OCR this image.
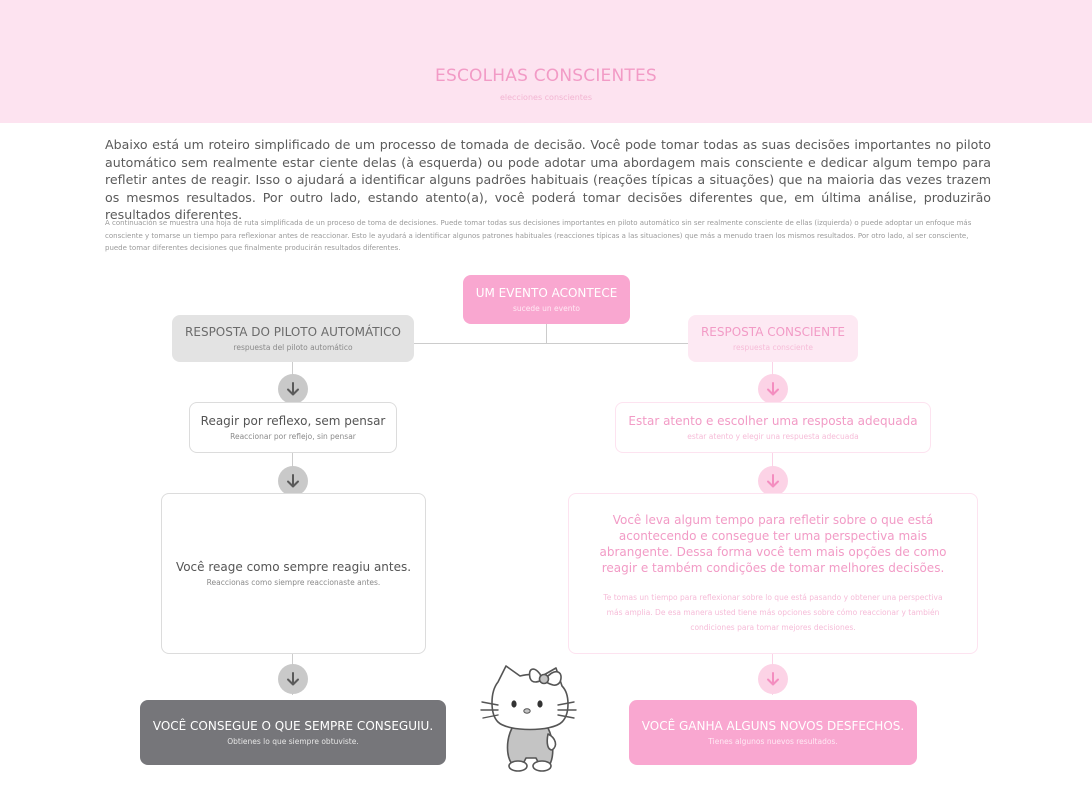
ESCOLHAS CONSCIENTES
elecciones conscientes
Abaixo está um roteiro simplificado de um processo de tomada de decisão. Você pode tomar todas as suas decisões importantes no piloto automático sem realmente estar ciente delas (à esquerda) ou pode adotar uma abordagem mais consciente e dedicar algum tempo para refletir antes de reagir. Isso o ajudará a identificar alguns padrões habituais (reações típicas a situações) que na maioria das vezes trazem os mesmos resultados. Por outro lado, estando atento(a), você poderá tomar decisões diferentes que, em última análise, produzirão resultados diferentes.
A continuación se muestra una hoja de ruta simplificada de un proceso de toma de decisiones. Puede tomar todas sus decisiones importantes en piloto automático sin ser realmente consciente de ellas (izquierda) o puede adoptar un enfoque más consciente y tomarse un tiempo para reflexionar antes de reaccionar. Esto le ayudará a identificar algunos patrones habituales (reacciones típicas a las situaciones) que más a menudo traen los mismos resultados. Por otro lado, al ser consciente, puede tomar diferentes decisiones que finalmente producirán resultados diferentes.
UM EVENTO ACONTECE
sucede un evento
RESPOSTA DO PILOTO AUTOMÁTICO
respuesta del piloto automático
Reagir por reflexo, sem pensar
Reaccionar por reflejo, sin pensar
Você reage como sempre reagiu antes.
Reaccionas como siempre reaccionaste antes.
VOCÊ CONSEGUE O QUE SEMPRE CONSEGUIU.
Obtienes lo que siempre obtuviste.
RESPOSTA CONSCIENTE
respuesta consciente
Estar atento e escolher uma resposta adequada
estar atento y elegir una respuesta adecuada
Você leva algum tempo para refletir sobre o que está acontecendo e consegue ter uma perspectiva mais abrangente. Dessa forma você tem mais opções de como reagir e também condições de tomar melhores decisões.
Te tomas un tiempo para reflexionar sobre lo que está pasando y obtener una perspectiva más amplia. De esa manera usted tiene más opciones sobre cómo reaccionar y también condiciones para tomar mejores decisiones.
VOCÊ GANHA ALGUNS NOVOS DESFECHOS.
Tienes algunos nuevos resultados.
